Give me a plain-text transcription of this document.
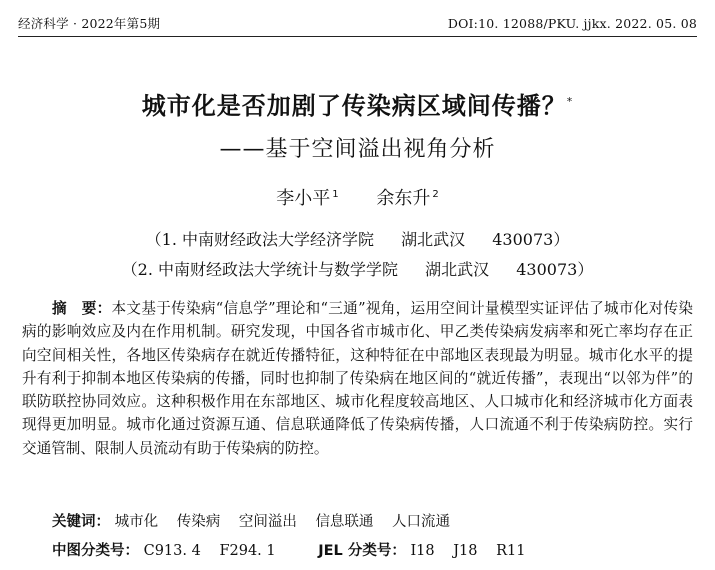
经济科学 · 2022年第5期	DOI:10. 12088/PKU. jjkx. 2022. 05. 08
城市化是否加剧了传染病区域间传播？*
——基于空间溢出视角分析
李小平 $^1$ 余东升 $^2$
（1. 中南财经政法大学经济学院 湖北武汉 430073）
（2. 中南财经政法大学统计与数学学院 湖北武汉 430073）
摘　要：本文基于传染病“信息学”理论和“三通”视角，运用空间计量模型实证评估了城市化对传染病的影响效应及内在作用机制。研究发现，中国各省市城市化、甲乙类传染病发病率和死亡率均存在正向空间相关性，各地区传染病存在就近传播特征，这种特征在中部地区表现最为明显。城市化水平的提升有利于抑制本地区传染病的传播，同时也抑制了传染病在地区间的“就近传播”，表现出“以邻为伴”的联防联控协同效应。这种积极作用在东部地区、城市化程度较高地区、人口城市化和经济城市化方面表现得更加明显。城市化通过资源互通、信息联通降低了传染病传播，人口流通不利于传染病防控。实行交通管制、限制人员流动有助于传染病的防控。
关键词： 城市化 传染病 空间溢出 信息联通 人口流通
中图分类号： C913. 4 F294. 1	JEL 分类号： I18 J18 R11
